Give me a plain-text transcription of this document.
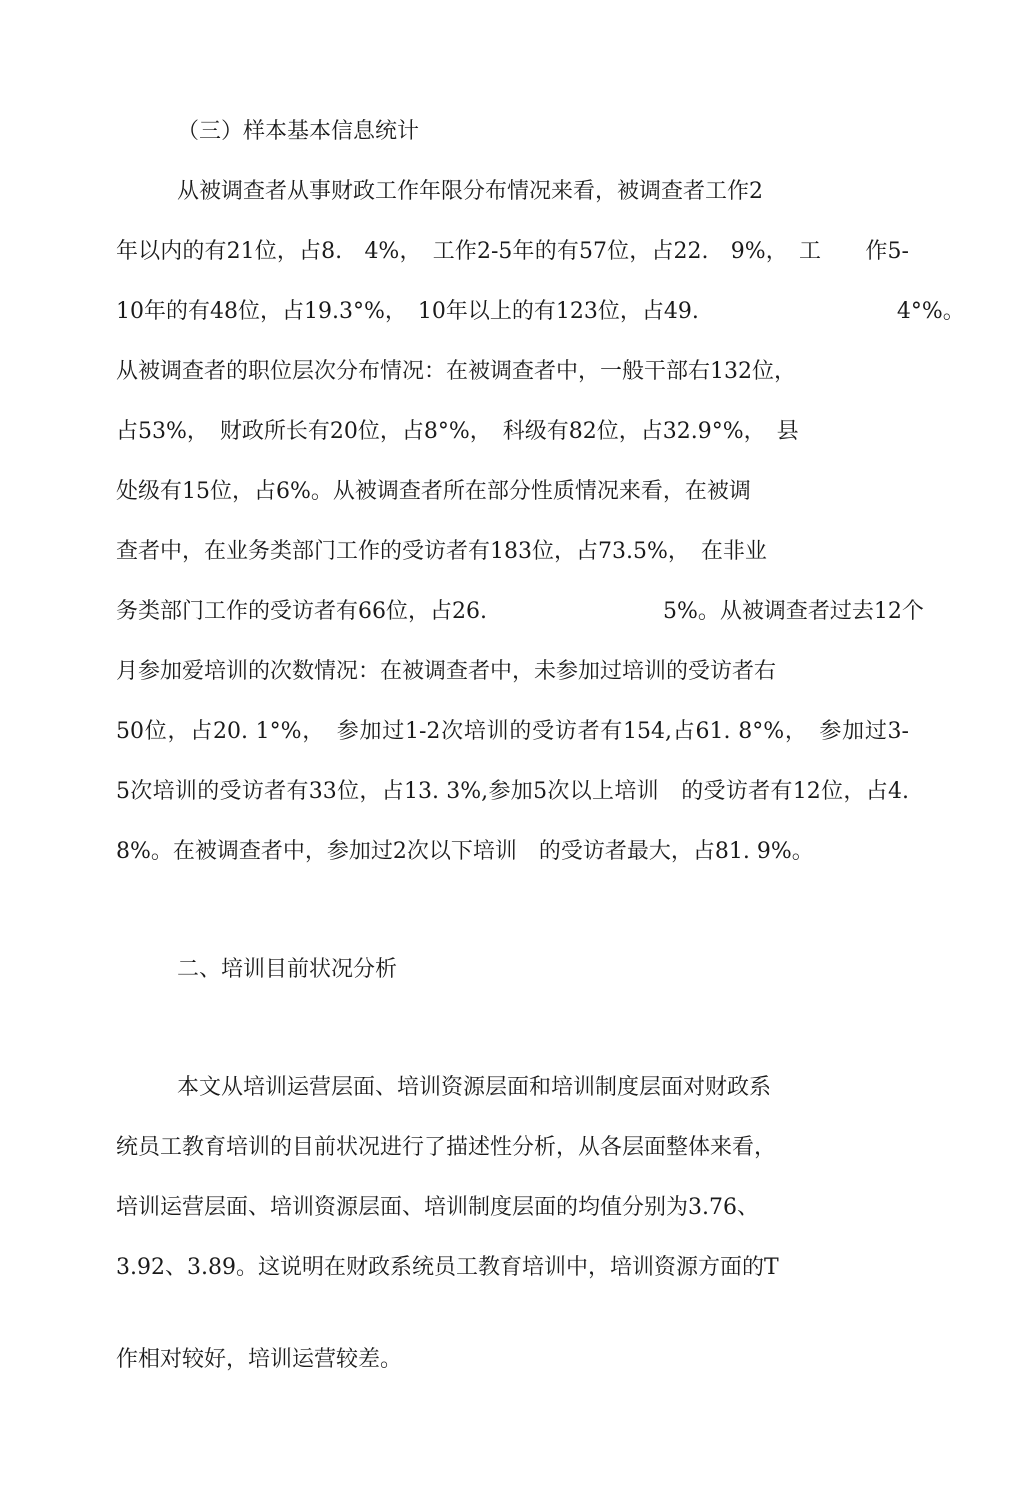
（三）样本基本信息统计
从被调查者从事财政工作年限分布情况来看，被调查者工作2
年以内的有21位，占8.　4%，　工作2-5年的有57位，占22.　9%，　工　　作5-
10年的有48位，占19.3°%，　10年以上的有123位，占49.　　　　　　　　　4°%。
从被调查者的职位层次分布情况：在被调查者中，一般干部右132位，
占53%，　财政所长有20位，占8°%，　科级有82位，占32.9°%，　县
处级有15位，占6%。从被调查者所在部分性质情况来看，在被调
查者中，在业务类部门工作的受访者有183位，占73.5%，　在非业
务类部门工作的受访者有66位，占26.　　　　　　　　5%。从被调查者过去12个
月参加爱培训的次数情况：在被调查者中，未参加过培训的受访者右
50位，占20. 1°%，　参加过1-2次培训的受访者有154,占61. 8°%，　参加过3-
5次培训的受访者有33位，占13. 3%,参加5次以上培训　的受访者有12位，占4.
8%。在被调查者中，参加过2次以下培训　的受访者最大，占81. 9%。
二、培训目前状况分析
本文从培训运营层面、培训资源层面和培训制度层面对财政系
统员工教育培训的目前状况进行了描述性分析，从各层面整体来看，
培训运营层面、培训资源层面、培训制度层面的均值分别为3.76、
3.92、3.89。这说明在财政系统员工教育培训中，培训资源方面的T
作相对较好，培训运营较差。
